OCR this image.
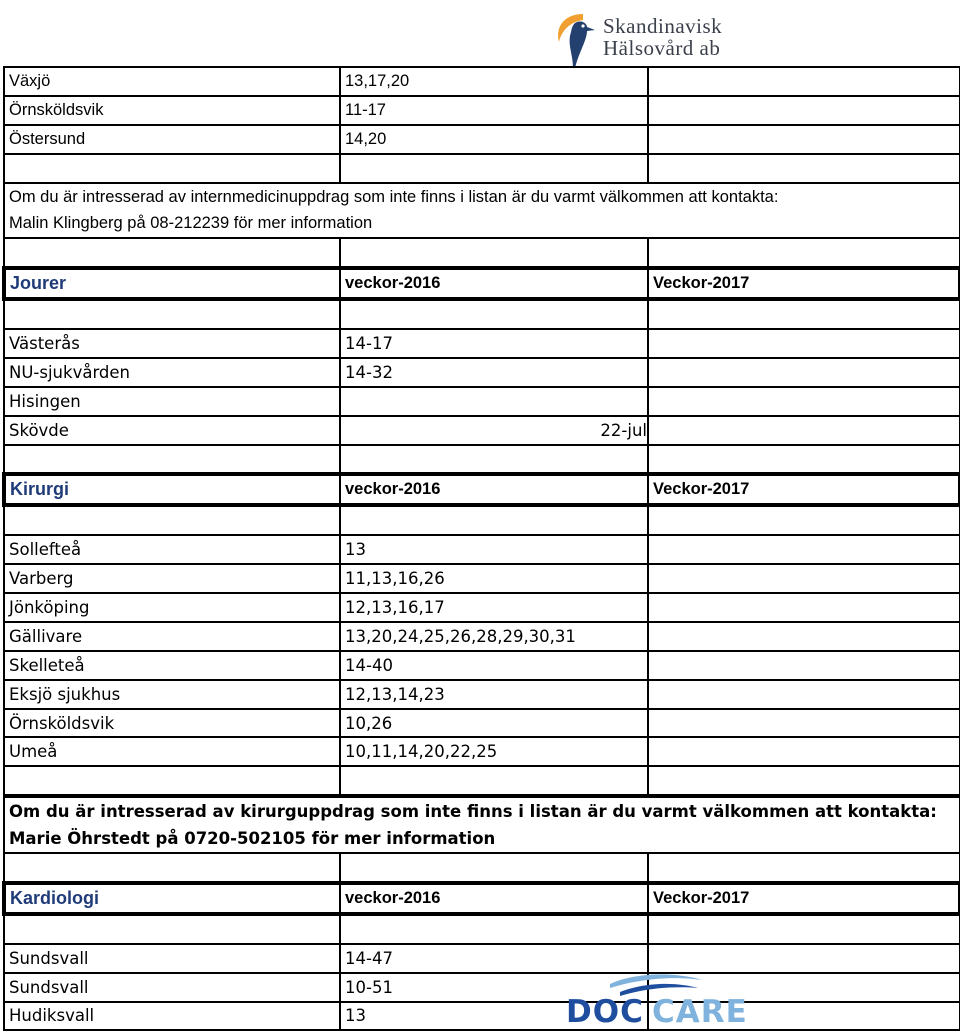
Skandinavisk
Hälsovård ab
Växjö	13,17,20	
Örnsköldsvik	11-17	
Östersund	14,20	

Om du är intresserad av internmedicinuppdrag som inte finns i listan är du varmt välkommen att kontakta:		
Malin Klingberg på 08-212239 för mer information		

Jourer	veckor-2016	Veckor-2017

Västerås	14-17	
NU-sjukvården	14-32	
Hisingen		
Skövde	22-jul	

Kirurgi	veckor-2016	Veckor-2017

Sollefteå	13	
Varberg	11,13,16,26	
Jönköping	12,13,16,17	
Gällivare	13,20,24,25,26,28,29,30,31	
Skelleteå	14-40	
Eksjö sjukhus	12,13,14,23	
Örnsköldsvik	10,26	
Umeå	10,11,14,20,22,25	

Om du är intresserad av kirurguppdrag som inte finns i listan är du varmt välkommen att kontakta:		
Marie Öhrstedt på 0720-502105 för mer information		

Kardiologi	veckor-2016	Veckor-2017

Sundsvall	14-47	
Sundsvall	10-51	
Hudiksvall	13		DOC CARE
